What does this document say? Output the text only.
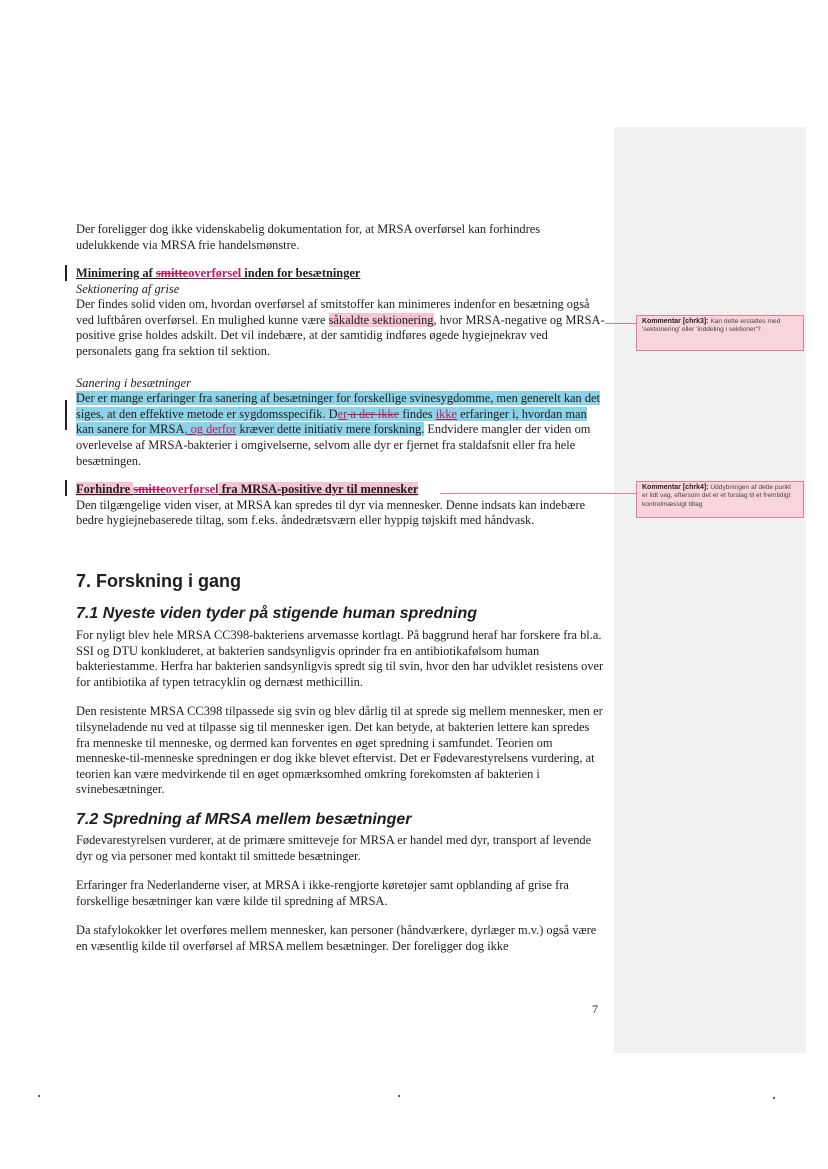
Der foreligger dog ikke videnskabelig dokumentation for, at MRSA overførsel kan forhindres udelukkende via MRSA frie handelsmønstre.

Minimering af smitteoverførsel inden for besætninger

Sektionering af grise

Der findes solid viden om, hvordan overførsel af smitstoffer kan minimeres indenfor en besætning også ved luftbåren overførsel. En mulighed kunne være såkaldte sektionering, hvor MRSA-negative og MRSA-positive grise holdes adskilt. Det vil indebære, at der samtidig indføres øgede hygiejnekrav ved personalets gang fra sektion til sektion.

Sanering i besætninger

Der er mange erfaringer fra sanering af besætninger for forskellige svinesygdomme, men generelt kan det siges, at den effektive metode er sygdomsspecifik. Der a der ikke findes ikke erfaringer i, hvordan man kan sanere for MRSA, og derfor kræver dette initiativ mere forskning. Endvidere mangler der viden om overlevelse af MRSA-bakterier i omgivelserne, selvom alle dyr er fjernet fra staldafsnit eller fra hele besætningen.

Forhindre smitteoverførsel fra MRSA-positive dyr til mennesker

Den tilgængelige viden viser, at MRSA kan spredes til dyr via mennesker. Denne indsats kan indebære bedre hygiejnebaserede tiltag, som f.eks. åndedrætsværn eller hyppig tøjskift med håndvask.

7. Forskning i gang
7.1 Nyeste viden tyder på stigende human spredning

For nyligt blev hele MRSA CC398-bakteriens arvemasse kortlagt. På baggrund heraf har forskere fra bl.a. SSI og DTU konkluderet, at bakterien sandsynligvis oprinder fra en antibiotikafølsom human bakteriestamme. Herfra har bakterien sandsynligvis spredt sig til svin, hvor den har udviklet resistens over for antibiotika af typen tetracyklin og dernæst methicillin.

Den resistente MRSA CC398 tilpassede sig svin og blev dårlig til at sprede sig mellem mennesker, men er tilsyneladende nu ved at tilpasse sig til mennesker igen. Det kan betyde, at bakterien lettere kan spredes fra menneske til menneske, og dermed kan forventes en øget spredning i samfundet. Teorien om menneske-til-menneske spredningen er dog ikke blevet eftervist. Det er Fødevarestyrelsens vurdering, at teorien kan være medvirkende til en øget opmærksomhed omkring forekomsten af bakterien i svinebesætninger.

7.2 Spredning af MRSA mellem besætninger

Fødevarestyrelsen vurderer, at de primære smitteveje for MRSA er handel med dyr, transport af levende dyr og via personer med kontakt til smittede besætninger.

Erfaringer fra Nederlanderne viser, at MRSA i ikke-rengjorte køretøjer samt opblanding af grise fra forskellige besætninger kan være kilde til spredning af MRSA.

Da stafylokokker let overføres mellem mennesker, kan personer (håndværkere, dyrlæger m.v.) også være en væsentlig kilde til overførsel af MRSA mellem besætninger. Der foreligger dog ikke

Kommentar [chrk3]: Kan dette erstattes med 'sektionering' eller 'inddeling i sektioner'?
Kommentar [chrk4]: Uddybningen af dette punkt er lidt vag, eftersom det er et forslag til et fremtidigt kontrolmæssigt tiltag
7
